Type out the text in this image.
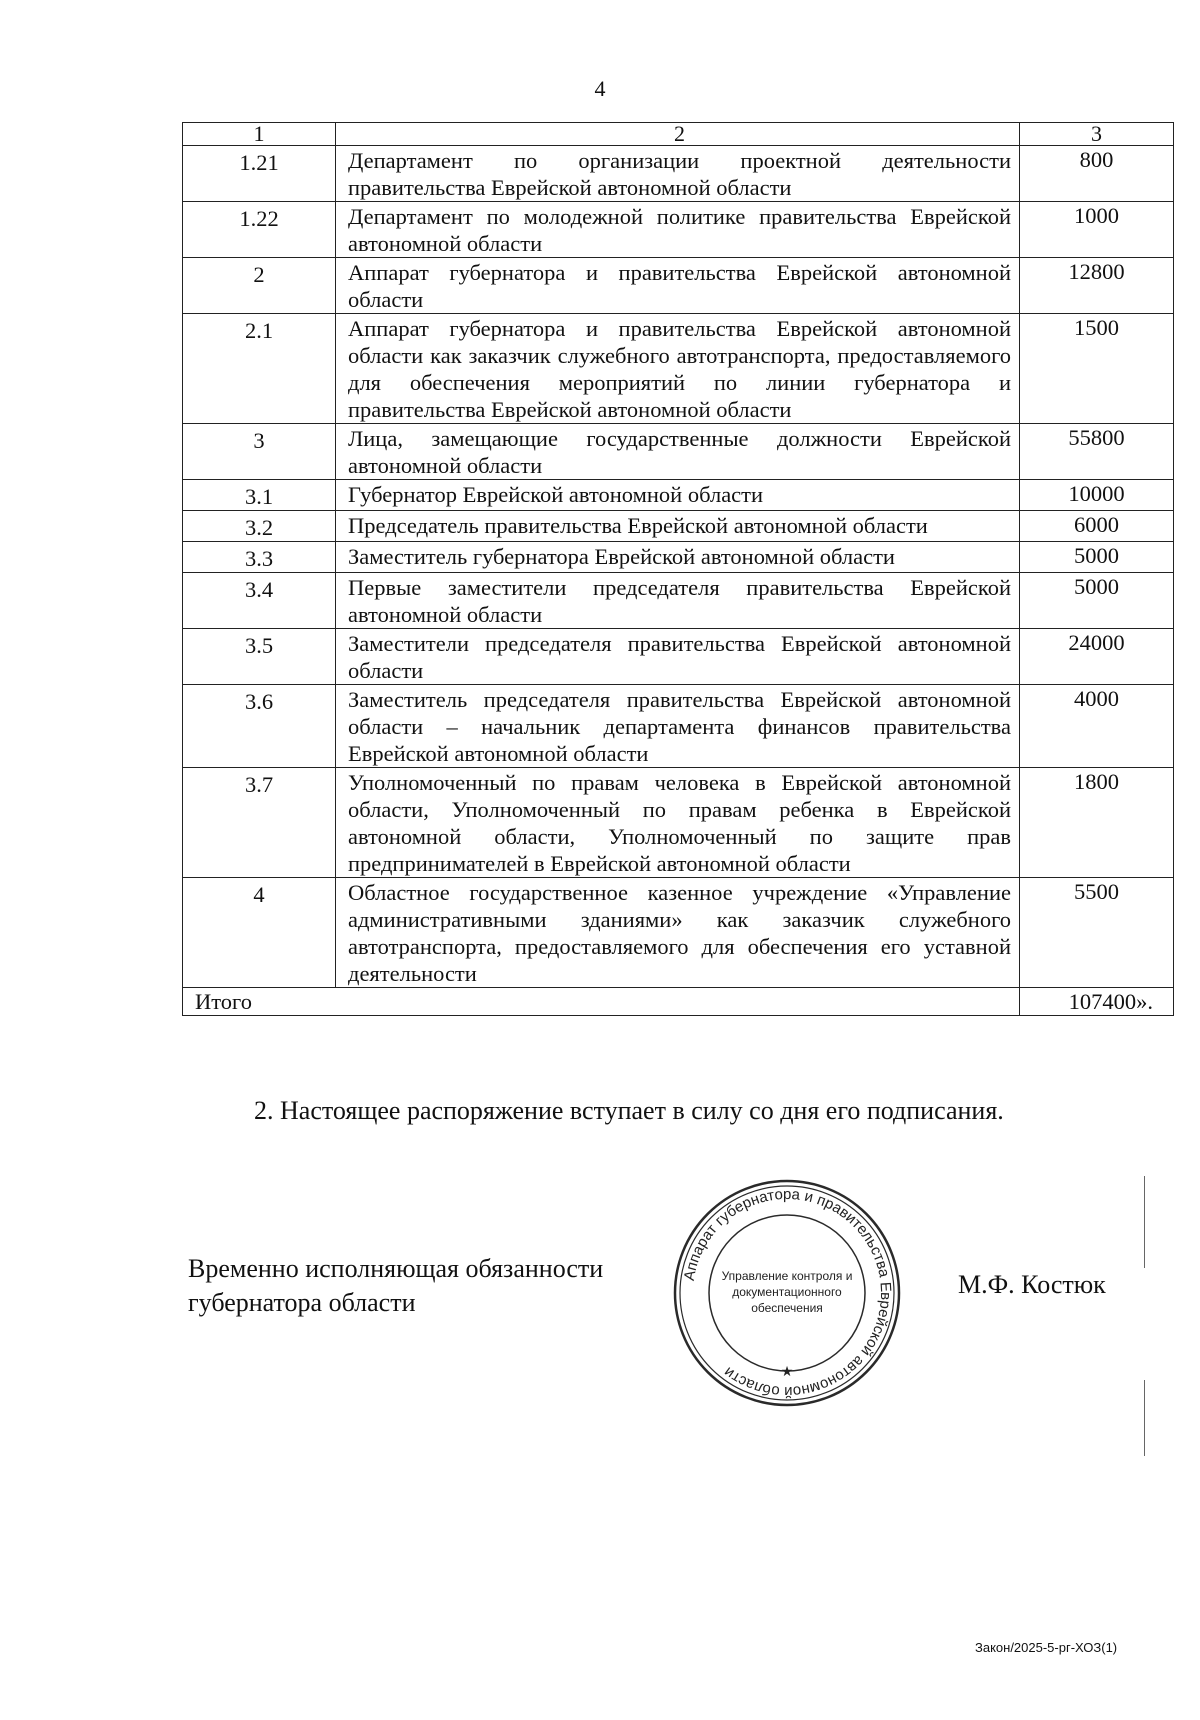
4
1	2	3
1.21	Департамент по организации проектной деятельности правительства Еврейской автономной области	800
1.22	Департамент по молодежной политике правительства Еврейской автономной области	1000
2	Аппарат губернатора и правительства Еврейской автономной области	12800
2.1	Аппарат губернатора и правительства Еврейской автономной области как заказчик служебного автотранспорта, предоставляемого для обеспечения мероприятий по линии губернатора и правительства Еврейской автономной области	1500
3	Лица, замещающие государственные должности Еврейской автономной области	55800
3.1	Губернатор Еврейской автономной области	10000
3.2	Председатель правительства Еврейской автономной области	6000
3.3	Заместитель губернатора Еврейской автономной области	5000
3.4	Первые заместители председателя правительства Еврейской автономной области	5000
3.5	Заместители председателя правительства Еврейской автономной области	24000
3.6	Заместитель председателя правительства Еврейской автономной области – начальник департамента финансов правительства Еврейской автономной области	4000
3.7	Уполномоченный по правам человека в Еврейской автономной области, Уполномоченный по правам ребенка в Еврейской автономной области, Уполномоченный по защите прав предпринимателей в Еврейской автономной области	1800
4	Областное государственное казенное учреждение «Управление административными зданиями» как заказчик служебного автотранспорта, предоставляемого для обеспечения его уставной деятельности	5500
Итого		107400».
2. Настоящее распоряжение вступает в силу со дня его подписания.
Временно исполняющая обязанности
губернатора области
М.Ф. Костюк
Аппарат губернатора и правительства Еврейской автономной области	★
Управление контроля и
документационного
обеспечения
Закон/2025-5-рг-ХОЗ(1)
